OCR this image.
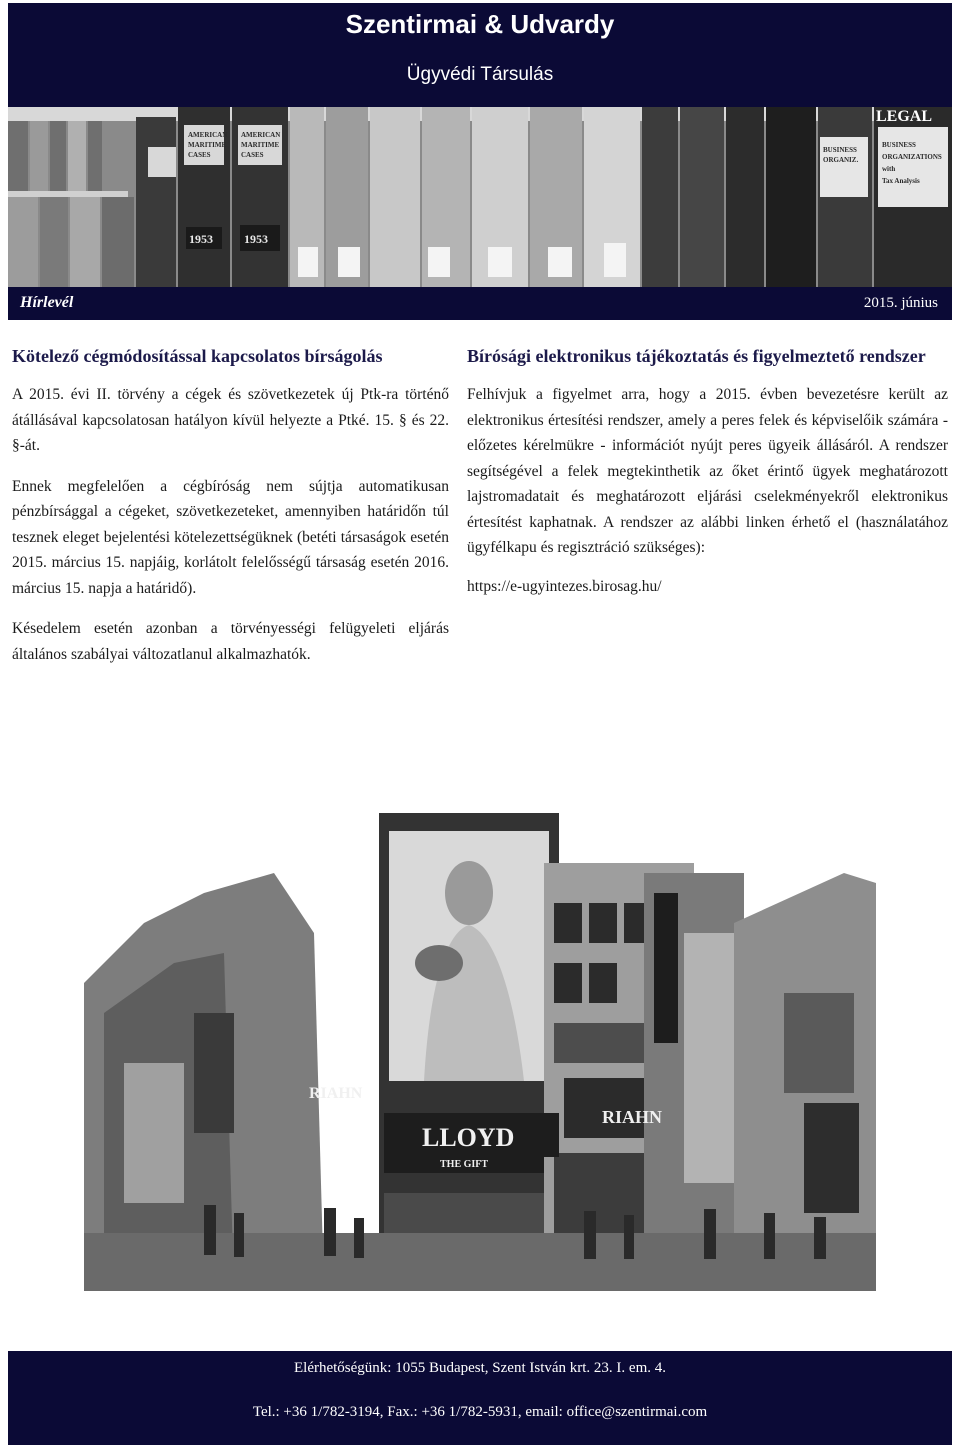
Szentirmai & Udvardy
Ügyvédi Társulás
AMERICAN
MARITIME
CASES
AMERICAN
MARITIME
CASES
BUSINESS
ORGANIZ.
BUSINESS
ORGANIZATIONS
with
Tax Analysis
1953	1953
LEGAL
Hírlevél	2015. június
Kötelező cégmódosítással kapcsolatos bírságolás

A 2015. évi II. törvény a cégek és szövetkezetek új Ptk-ra történő átállásával kapcsolatosan hatályon kívül helyezte a Ptké. 15. § és 22. §-át.

Ennek megfelelően a cégbíróság nem sújtja automatikusan pénzbírsággal a cégeket, szövetkezeteket, amennyiben határidőn túl tesznek eleget bejelentési kötelezettségüknek (betéti társaságok esetén 2015. március 15. napjáig, korlátolt felelősségű társaság esetén 2016. március 15. napja a határidő).

Késedelem esetén azonban a törvényességi felügyeleti eljárás általános szabályai változatlanul alkalmazhatók.

Bírósági elektronikus tájékoztatás és figyelmeztető rendszer

Felhívjuk a figyelmet arra, hogy a 2015. évben bevezetésre került az elektronikus értesítési rendszer, amely a peres felek és képviselőik számára - előzetes kérelmükre - információt nyújt peres ügyeik állásáról. A rendszer segítségével a felek megtekinthetik az őket érintő ügyek meghatározott lajstromadatait és meghatározott eljárási cselekményekről elektronikus értesítést kaphatnak. A rendszer az alábbi linken érhető el (használatához ügyfélkapu és regisztráció szükséges):

https://e-ugyintezes.birosag.hu/
LLOYD
THE GIFT
RIAHN
RIAHN
Elérhetőségünk: 1055 Budapest, Szent István krt. 23. I. em. 4.
Tel.: +36 1/782-3194, Fax.: +36 1/782-5931, email: office@szentirmai.com
